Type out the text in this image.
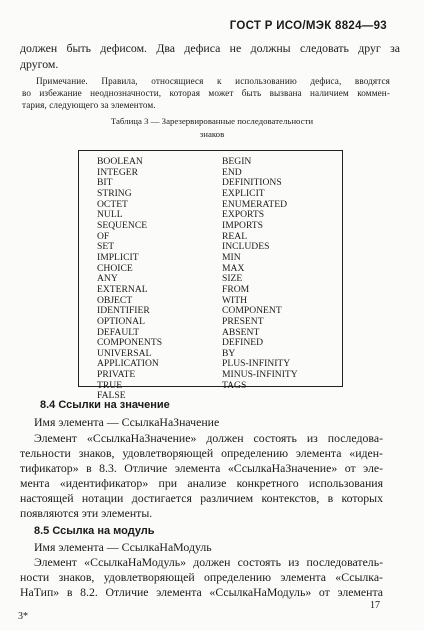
ГОСТ Р ИСО/МЭК 8824—93
должен быть дефисом. Два дефиса не должны следовать друг за
другом.
Примечание. Правила, относящиеся к использованию дефиса, вводятся
во избежание неоднозначности, которая может быть вызвана наличием коммен-
тария, следующего за элементом.
Таблица 3 — Зарезервированные последовательности
знаков
BOOLEAN
INTEGER
BIT
STRING
OCTET
NULL
SEQUENCE
OF
SET
IMPLICIT
CHOICE
ANY
EXTERNAL
OBJECT
IDENTIFIER
OPTIONAL
DEFAULT
COMPONENTS
UNIVERSAL
APPLICATION
PRIVATE
TRUE
FALSE
BEGIN
END
DEFINITIONS
EXPLICIT
ENUMERATED
EXPORTS
IMPORTS
REAL
INCLUDES
MIN
MAX
SIZE
FROM
WITH
COMPONENT
PRESENT
ABSENT
DEFINED
BY
PLUS-INFINITY
MINUS-INFINITY
TAGS
8.4 Ссылки на значение
Имя элемента — СсылкаНаЗначение
Элемент «СсылкаНаЗначение» должен состоять из последова-
тельности знаков, удовлетворяющей определению элемента «иден-
тификатор» в 8.3. Отличие элемента «СсылкаНаЗначение» от эле-
мента «идентификатор» при анализе конкретного использования
настоящей нотации достигается различием контекстов, в которых
появляются эти элементы.
8.5 Ссылка на модуль
Имя элемента — СсылкаНаМодуль
Элемент «СсылкаНаМодуль» должен состоять из последователь-
ности знаков, удовлетворяющей определению элемента «Ссылка-
НаТип» в 8.2. Отличие элемента «СсылкаНаМодуль» от элемента
17
3*
